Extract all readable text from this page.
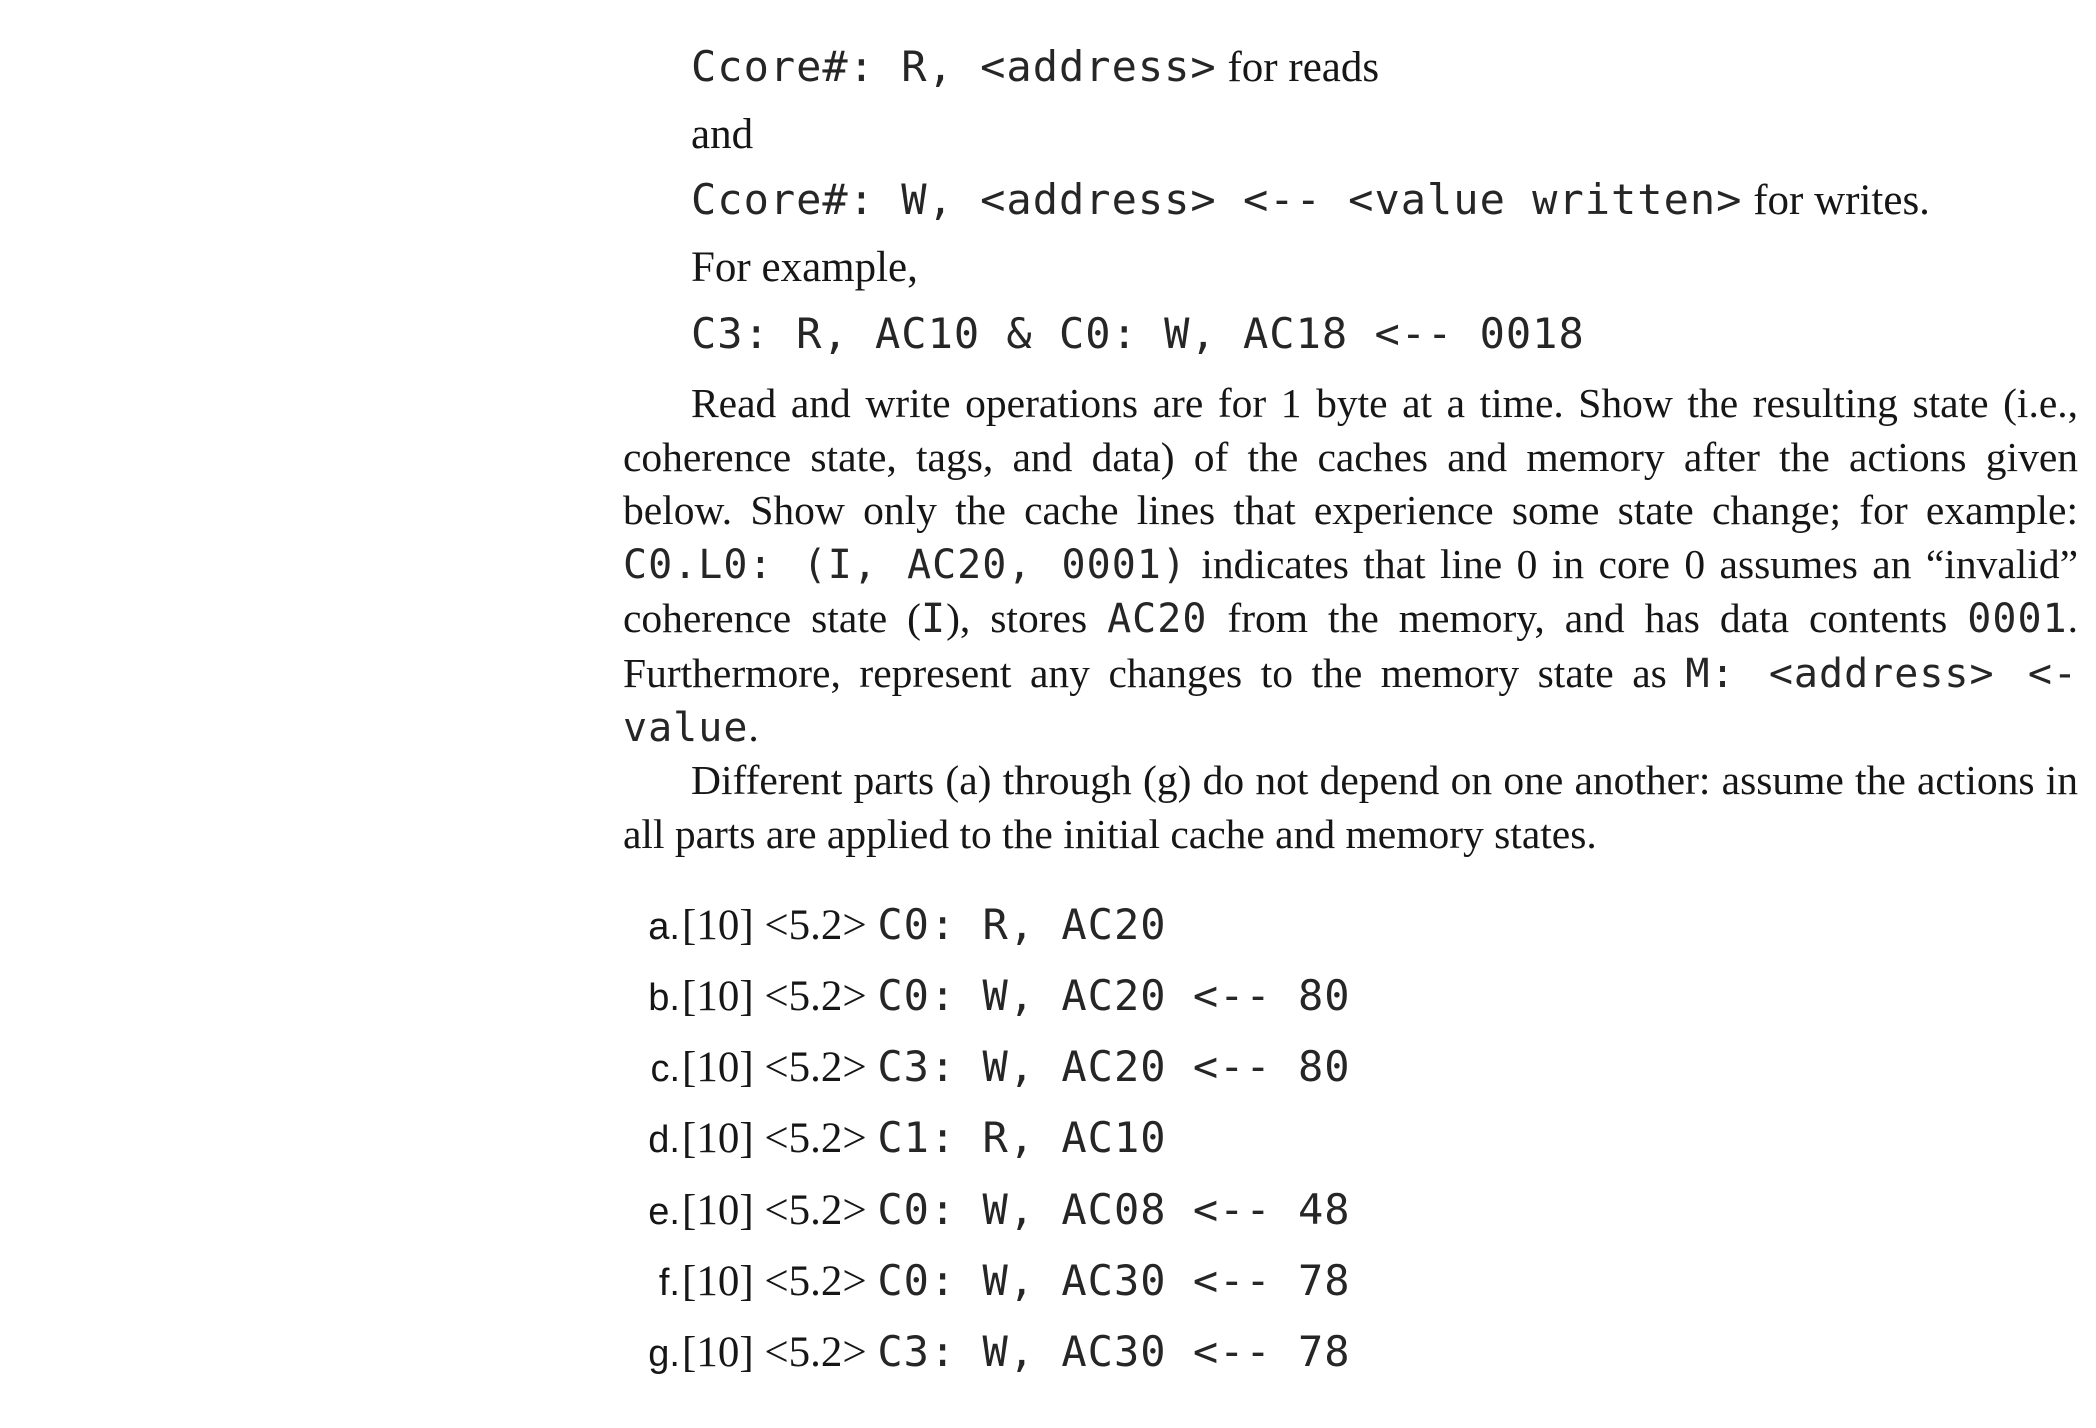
Ccore#: R, <address> for reads
and
Ccore#: W, <address> <-- <value written> for writes.
For example,
C3: R, AC10 & C0: W, AC18 <-- 0018
Read and write operations are for 1 byte at a time. Show the resulting state (i.e., coherence state, tags, and data) of the caches and memory after the actions given below. Show only the cache lines that experience some state change; for example: C0.L0: (I, AC20, 0001) indicates that line 0 in core 0 assumes an “invalid” coherence state (I), stores AC20 from the memory, and has data contents 0001. Furthermore, represent any changes to the memory state as M: <address> <- value.
Different parts (a) through (g) do not depend on one another: assume the actions in all parts are applied to the initial cache and memory states.
a.[10] <5.2> C0: R, AC20
b.[10] <5.2> C0: W, AC20 <-- 80
c.[10] <5.2> C3: W, AC20 <-- 80
d.[10] <5.2> C1: R, AC10
e.[10] <5.2> C0: W, AC08 <-- 48
f.[10] <5.2> C0: W, AC30 <-- 78
g.[10] <5.2> C3: W, AC30 <-- 78
